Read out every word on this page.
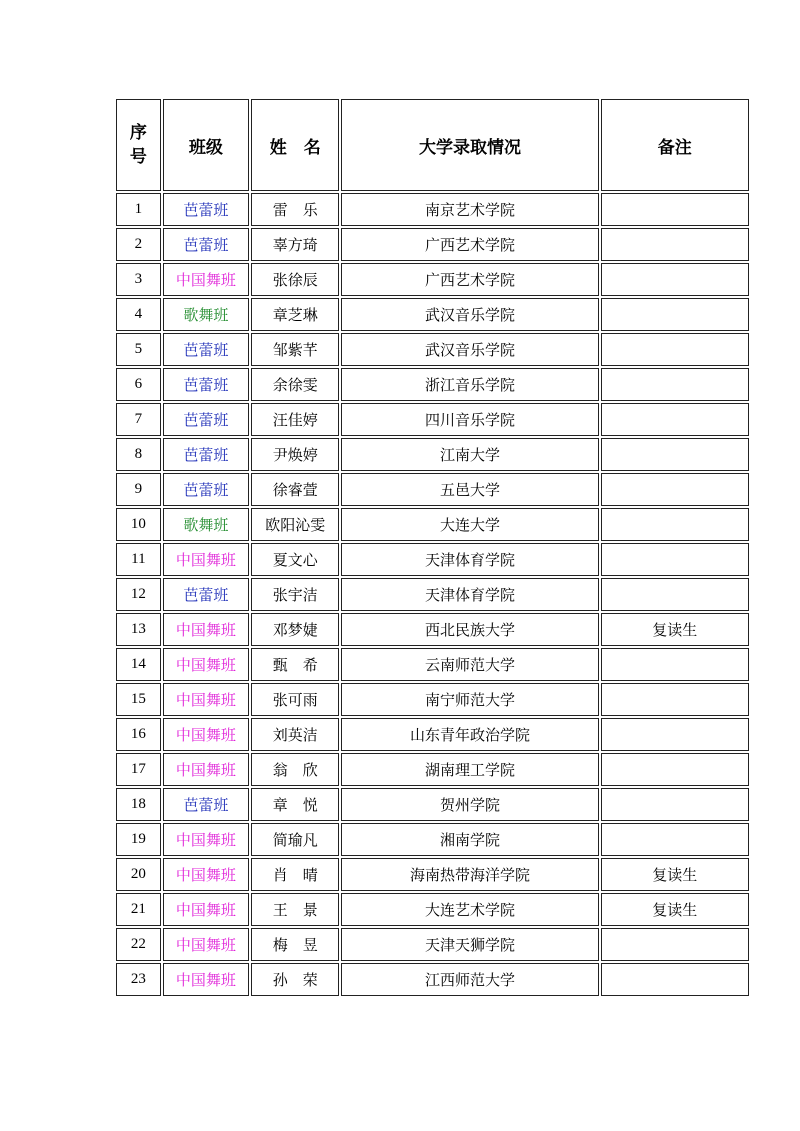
序
号	班级	姓　名	大学录取情况	备注
1	芭蕾班	雷　乐	南京艺术学院	
2	芭蕾班	辜方琦	广西艺术学院	
3	中国舞班	张徐辰	广西艺术学院	
4	歌舞班	章芝琳	武汉音乐学院	
5	芭蕾班	邹紫芊	武汉音乐学院	
6	芭蕾班	余徐雯	浙江音乐学院	
7	芭蕾班	汪佳婷	四川音乐学院	
8	芭蕾班	尹焕婷	江南大学	
9	芭蕾班	徐睿萱	五邑大学	
10	歌舞班	欧阳沁雯	大连大学	
11	中国舞班	夏文心	天津体育学院	
12	芭蕾班	张宇洁	天津体育学院	
13	中国舞班	邓梦婕	西北民族大学	复读生
14	中国舞班	甄　希	云南师范大学	
15	中国舞班	张可雨	南宁师范大学	
16	中国舞班	刘英洁	山东青年政治学院	
17	中国舞班	翁　欣	湖南理工学院	
18	芭蕾班	章　悦	贺州学院	
19	中国舞班	简瑜凡	湘南学院	
20	中国舞班	肖　晴	海南热带海洋学院	复读生
21	中国舞班	王　景	大连艺术学院	复读生
22	中国舞班	梅　昱	天津天狮学院	
23	中国舞班	孙　荣	江西师范大学	
